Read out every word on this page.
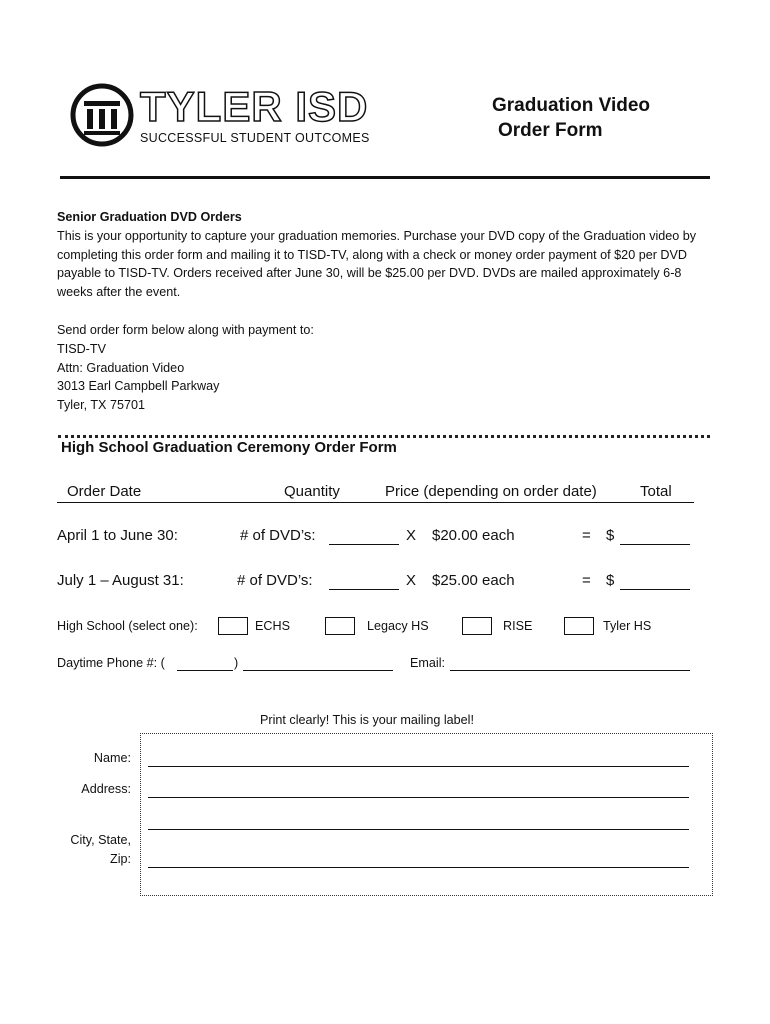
TYLER ISD
SUCCESSFUL STUDENT OUTCOMES
Graduation Video
Order Form
Senior Graduation DVD Orders
This is your opportunity to capture your graduation memories. Purchase your DVD copy of the Graduation video by completing this order form and mailing it to TISD-TV, along with a check or money order payment of $20 per DVD payable to TISD-TV. Orders received after June 30, will be $25.00 per DVD. DVDs are mailed approximately 6-8 weeks after the event.
Send order form below along with payment to:
TISD-TV
Attn: Graduation Video
3013 Earl Campbell Parkway
Tyler, TX 75701
High School Graduation Ceremony Order Form
Order Date	Quantity	Price (depending on order date)	Total
April 1 to June 30:	# of DVD’s:	X $20.00 each	= $
July 1 – August 31:	# of DVD’s:	X $25.00 each	= $
High School (select one):	ECHS	Legacy HS	RISE	Tyler HS
Daytime Phone #: (	)	Email:
Print clearly! This is your mailing label!
Name:
Address:
City, State,
Zip:
